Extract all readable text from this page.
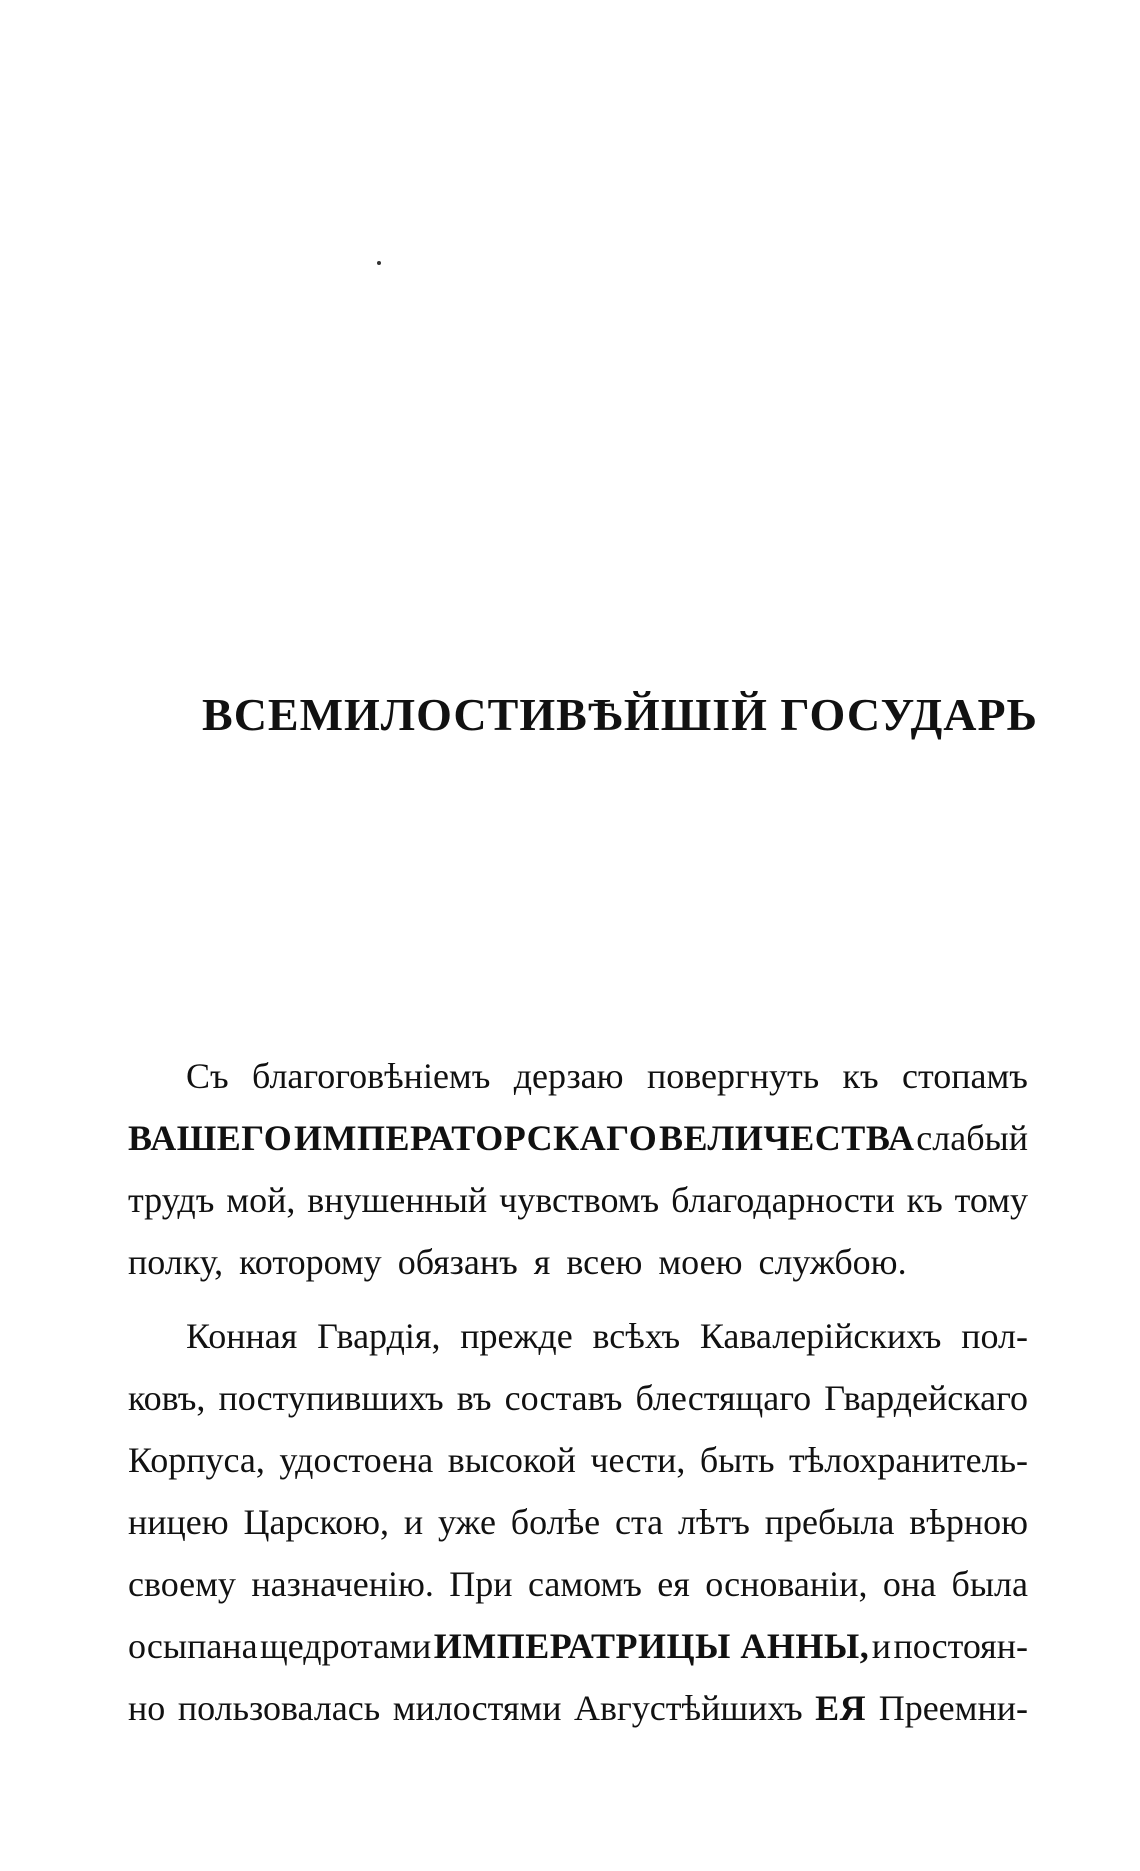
ВСЕМИЛОСТИВѢЙШІЙ ГОСУДАРЬ
Съ благоговѣніемъ дерзаю повергнуть къ стопамъ
ВАШЕГО ИМПЕРАТОРСКАГО ВЕЛИЧЕСТВА слабый
трудъ мой, внушенный чувствомъ благодарности къ тому
полку, которому обязанъ я всею моею службою.
Конная Гвардія, прежде всѣхъ Кавалерійскихъ пол-
ковъ, поступившихъ въ составъ блестящаго Гвардейскаго
Корпуса, удостоена высокой чести, быть тѣлохранитель-
ницею Царскою, и уже болѣе ста лѣтъ пребыла вѣрною
своему назначенію. При самомъ ея основаніи, она была
осыпана щедротами ИМПЕРАТРИЦЫ АННЫ, и постоян-
но пользовалась милостями Августѣйшихъ ЕЯ Преемни-
